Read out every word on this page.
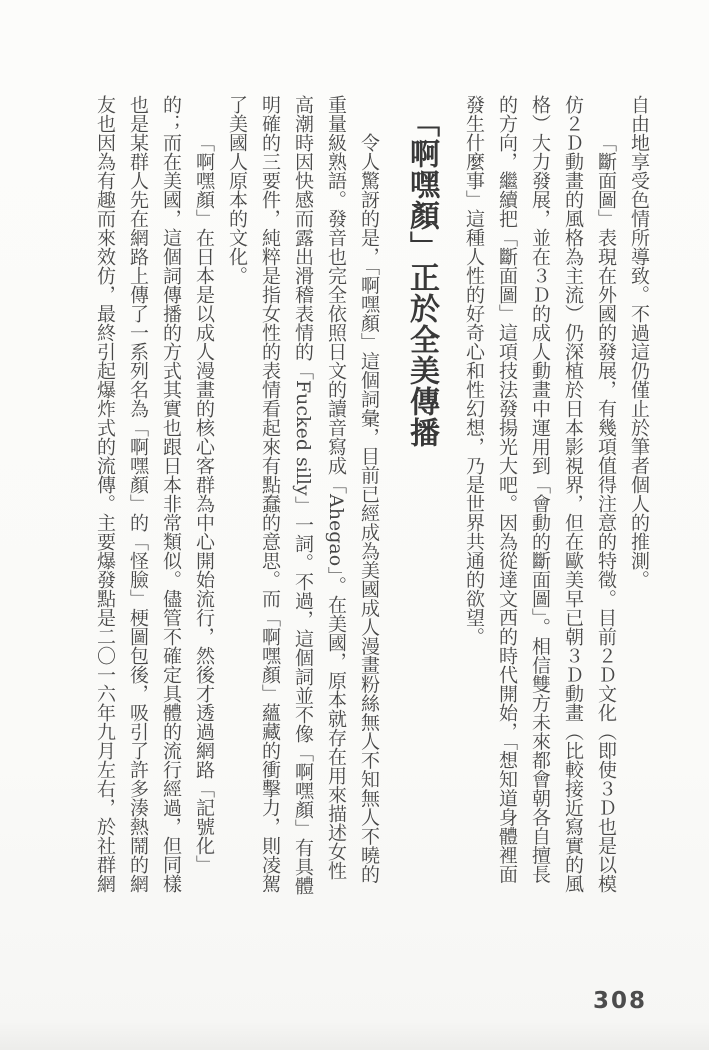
自由地享受色情所導致。不過這仍僅止於筆者個人的推測。

「斷面圖」表現在外國的發展，有幾項值得注意的特徵。目前２Ｄ文化（即使３Ｄ也是以模仿２Ｄ動畫的風格為主流）仍深植於日本影視界，但在歐美早已朝３Ｄ動畫（比較接近寫實的風格）大力發展，並在３Ｄ的成人動畫中運用到「會動的斷面圖」。相信雙方未來都會朝各自擅長的方向，繼續把「斷面圖」這項技法發揚光大吧。因為從達文西的時代開始，「想知道身體裡面發生什麼事」這種人性的好奇心和性幻想，乃是世界共通的欲望。

「啊嘿顏」正於全美傳播

令人驚訝的是，「啊嘿顏」這個詞彙，目前已經成為美國成人漫畫粉絲無人不知無人不曉的重量級熟語。發音也完全依照日文的讀音寫成「Ahegao」。在美國，原本就存在用來描述女性高潮時因快感而露出滑稽表情的「Fucked silly」一詞。不過，這個詞並不像「啊嘿顏」有具體明確的三要件，純粹是指女性的表情看起來有點蠢的意思。而「啊嘿顏」蘊藏的衝擊力，則凌駕了美國人原本的文化。

「啊嘿顏」在日本是以成人漫畫的核心客群為中心開始流行，然後才透過網路「記號化」的；而在美國，這個詞傳播的方式其實也跟日本非常類似。儘管不確定具體的流行經過，但同樣也是某群人先在網路上傳了一系列名為「啊嘿顏」的「怪臉」梗圖包後，吸引了許多湊熱鬧的網友也因為有趣而來效仿，最終引起爆炸式的流傳。主要爆發點是二〇一六年九月左右，於社群網

308
